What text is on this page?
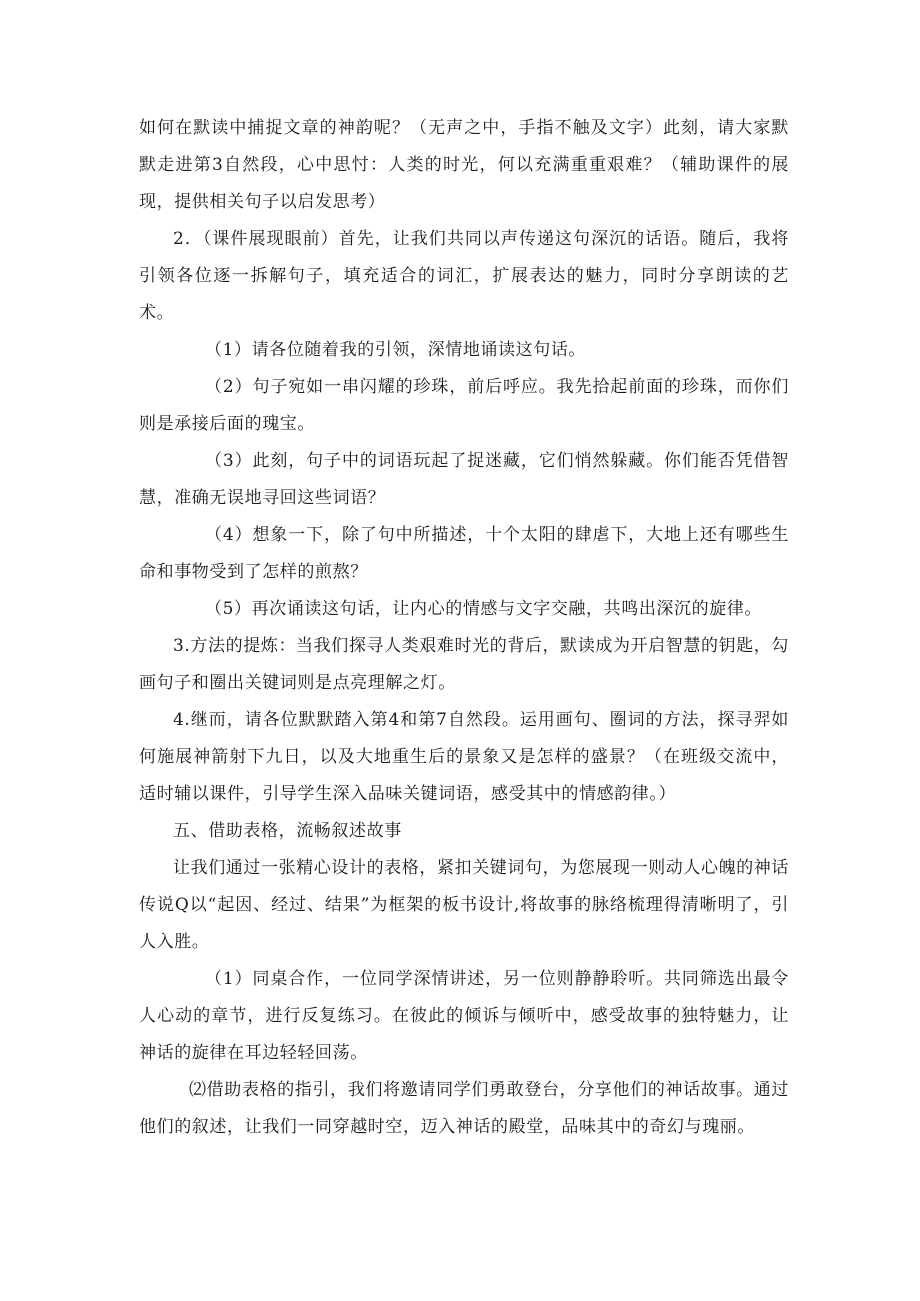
如何在默读中捕捉文章的神韵呢？（无声之中，手指不触及文字）此刻，请大家默默走进第3自然段，心中思忖：人类的时光，何以充满重重艰难？（辅助课件的展现，提供相关句子以启发思考）

2．（课件展现眼前）首先，让我们共同以声传递这句深沉的话语。随后，我将引领各位逐一拆解句子，填充适合的词汇，扩展表达的魅力，同时分享朗读的艺术。

（1）请各位随着我的引领，深情地诵读这句话。

（2）句子宛如一串闪耀的珍珠，前后呼应。我先拾起前面的珍珠，而你们则是承接后面的瑰宝。

（3）此刻，句子中的词语玩起了捉迷藏，它们悄然躲藏。你们能否凭借智慧，准确无误地寻回这些词语？

（4）想象一下，除了句中所描述，十个太阳的肆虐下，大地上还有哪些生命和事物受到了怎样的煎熬？

（5）再次诵读这句话，让内心的情感与文字交融，共鸣出深沉的旋律。

3.方法的提炼：当我们探寻人类艰难时光的背后，默读成为开启智慧的钥匙，勾画句子和圈出关键词则是点亮理解之灯。

4.继而，请各位默默踏入第4和第7自然段。运用画句、圈词的方法，探寻羿如何施展神箭射下九日，以及大地重生后的景象又是怎样的盛景？（在班级交流中，适时辅以课件，引导学生深入品味关键词语，感受其中的情感韵律。）

五、借助表格，流畅叙述故事

让我们通过一张精心设计的表格，紧扣关键词句，为您展现一则动人心魄的神话传说Q以“起因、经过、结果”为框架的板书设计,将故事的脉络梳理得清晰明了，引人入胜。

（1）同桌合作，一位同学深情讲述，另一位则静静聆听。共同筛选出最令人心动的章节，进行反复练习。在彼此的倾诉与倾听中，感受故事的独特魅力，让神话的旋律在耳边轻轻回荡。

⑵借助表格的指引，我们将邀请同学们勇敢登台，分享他们的神话故事。通过他们的叙述，让我们一同穿越时空，迈入神话的殿堂，品味其中的奇幻与瑰丽。
